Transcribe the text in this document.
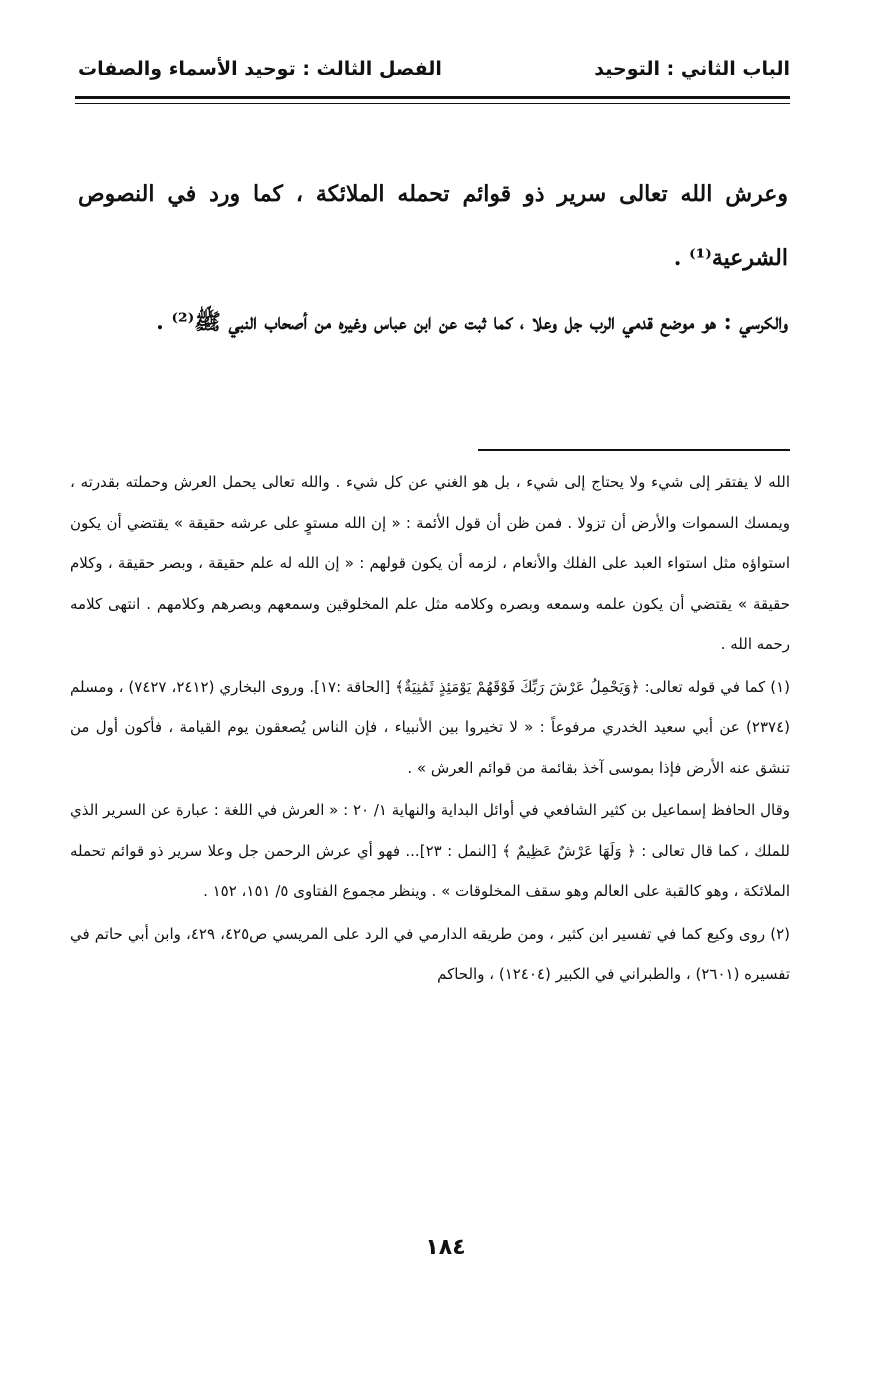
الباب الثاني : التوحيد
الفصل الثالث : توحيد الأسماء والصفات

وعرش الله تعالى سرير ذو قوائم تحمله الملائكة ، كما ورد في النصوص الشرعية⁽¹⁾ .

والكرسي : هو موضع قدمي الرب جل وعلا ، كما ثبت عن ابن عباس وغيره من أصحاب النبي ﷺ⁽²⁾ .

الله لا يفتقر إلى شيء ولا يحتاج إلى شيء ، بل هو الغني عن كل شيء . والله تعالى يحمل العرش وحملته بقدرته ، ويمسك السموات والأرض أن تزولا . فمن ظن أن قول الأئمة : « إن الله مستوٍ على عرشه حقيقة » يقتضي أن يكون استواؤه مثل استواء العبد على الفلك والأنعام ، لزمه أن يكون قولهم : « إن الله له علم حقيقة ، وبصر حقيقة ، وكلام حقيقة » يقتضي أن يكون علمه وسمعه وبصره وكلامه مثل علم المخلوقين وسمعهم وبصرهم وكلامهم . انتهى كلامه رحمه الله .

(١) كما في قوله تعالى: ﴿وَيَحْمِلُ عَرْشَ رَبِّكَ فَوْقَهُمْ يَوْمَئِذٍ ثَمَٰنِيَةٌ﴾ [الحاقة :١٧]. وروى البخاري (٢٤١٢، ٧٤٢٧) ، ومسلم (٢٣٧٤) عن أبي سعيد الخدري مرفوعاً : « لا تخيروا بين الأنبياء ، فإن الناس يُصعقون يوم القيامة ، فأكون أول من تنشق عنه الأرض فإذا بموسى آخذ بقائمة من قوائم العرش » .

وقال الحافظ إسماعيل بن كثير الشافعي في أوائل البداية والنهاية ١/ ٢٠ : « العرش في اللغة : عبارة عن السرير الذي للملك ، كما قال تعالى : ﴿ وَلَهَا عَرْشٌ عَظِيمٌ ﴾ [النمل : ٢٣]... فهو أي عرش الرحمن جل وعلا سرير ذو قوائم تحمله الملائكة ، وهو كالقبة على العالم وهو سقف المخلوقات » . وينظر مجموع الفتاوى ٥/ ١٥١، ١٥٢ .

(٢) روى وكيع كما في تفسير ابن كثير ، ومن طريقه الدارمي في الرد على المريسي ص٤٢٥، ٤٢٩، وابن أبي حاتم في تفسيره (٢٦٠١) ، والطبراني في الكبير (١٢٤٠٤) ، والحاكم

١٨٤
